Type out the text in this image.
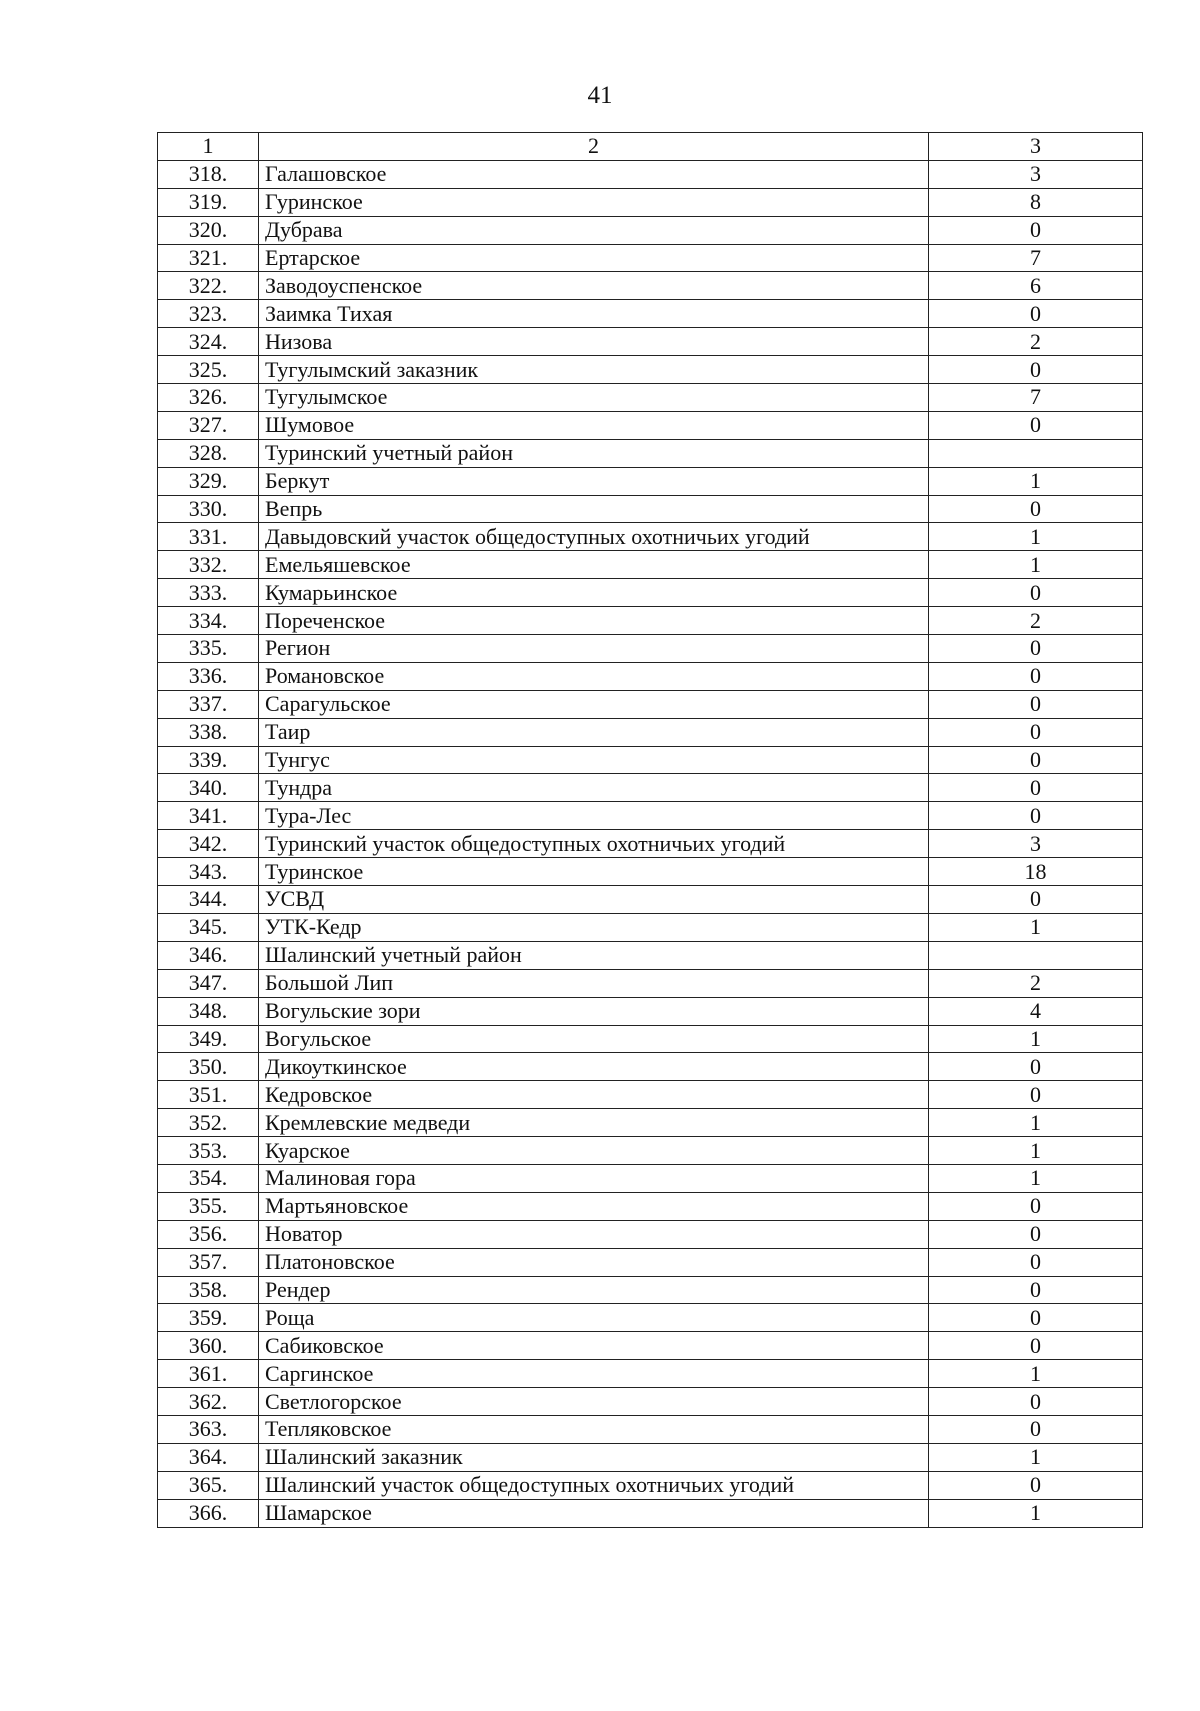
41
1	2	3
318.	Галашовское	3
319.	Гуринское	8
320.	Дубрава	0
321.	Ертарское	7
322.	Заводоуспенское	6
323.	Заимка Тихая	0
324.	Низова	2
325.	Тугулымский заказник	0
326.	Тугулымское	7
327.	Шумовое	0
328.	Туринский учетный район	
329.	Беркут	1
330.	Вепрь	0
331.	Давыдовский участок общедоступных охотничьих угодий	1
332.	Емельяшевское	1
333.	Кумарьинское	0
334.	Пореченское	2
335.	Регион	0
336.	Романовское	0
337.	Сарагульское	0
338.	Таир	0
339.	Тунгус	0
340.	Тундра	0
341.	Тура-Лес	0
342.	Туринский участок общедоступных охотничьих угодий	3
343.	Туринское	18
344.	УСВД	0
345.	УТК-Кедр	1
346.	Шалинский учетный район	
347.	Большой Лип	2
348.	Вогульские зори	4
349.	Вогульское	1
350.	Дикоуткинское	0
351.	Кедровское	0
352.	Кремлевские медведи	1
353.	Куарское	1
354.	Малиновая гора	1
355.	Мартьяновское	0
356.	Новатор	0
357.	Платоновское	0
358.	Рендер	0
359.	Роща	0
360.	Сабиковское	0
361.	Саргинское	1
362.	Светлогорское	0
363.	Тепляковское	0
364.	Шалинский заказник	1
365.	Шалинский участок общедоступных охотничьих угодий	0
366.	Шамарское	1
